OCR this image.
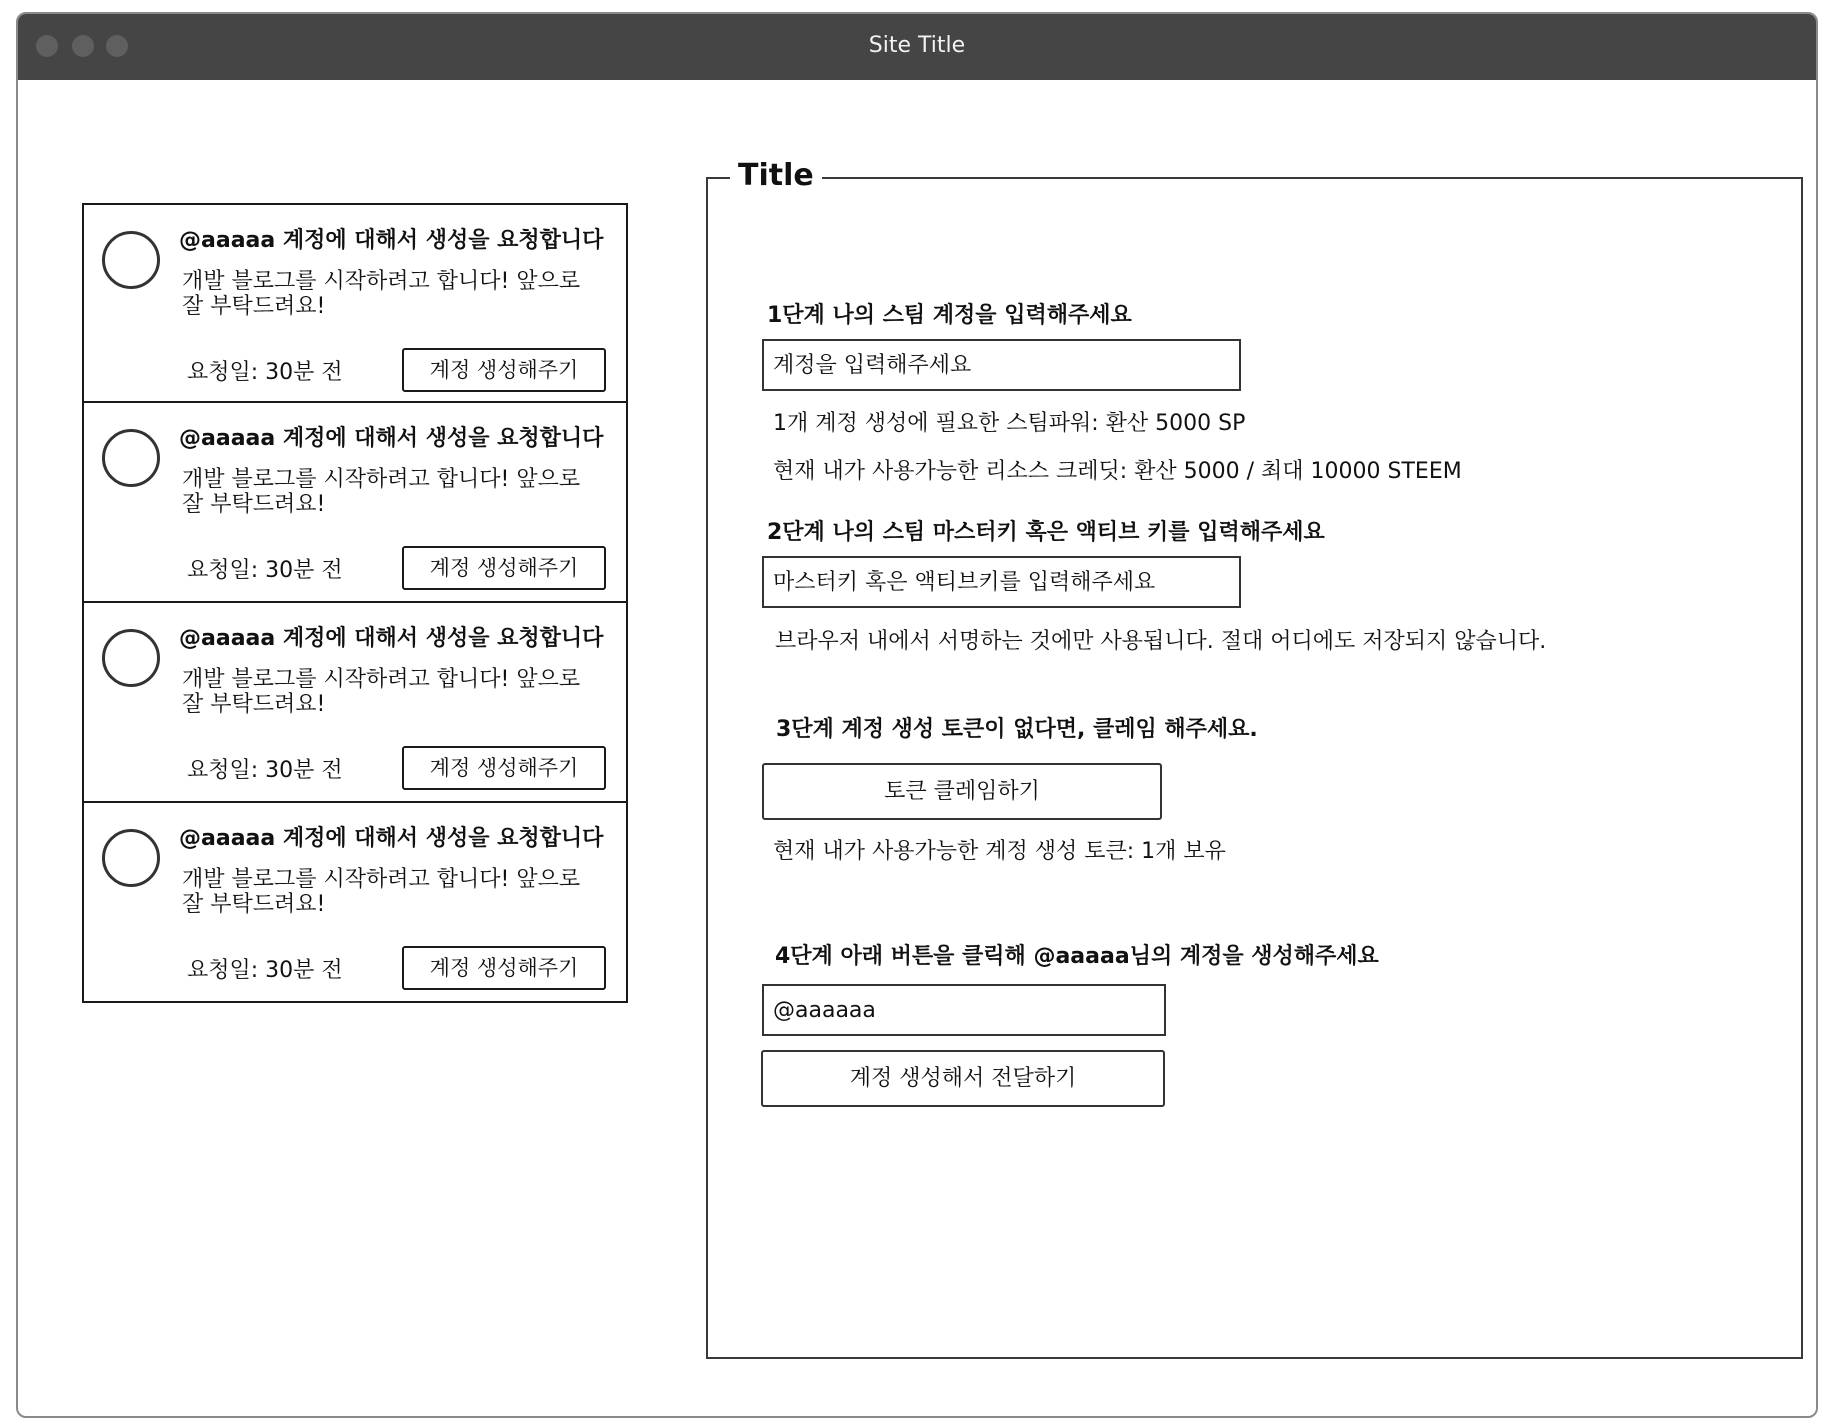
Site Title
@aaaaa 계정에 대해서 생성을 요청합니다
개발 블로그를 시작하려고 합니다! 앞으로 잘 부탁드려요!
요청일: 30분 전	계정 생성해주기
@aaaaa 계정에 대해서 생성을 요청합니다
개발 블로그를 시작하려고 합니다! 앞으로 잘 부탁드려요!
요청일: 30분 전	계정 생성해주기
@aaaaa 계정에 대해서 생성을 요청합니다
개발 블로그를 시작하려고 합니다! 앞으로 잘 부탁드려요!
요청일: 30분 전	계정 생성해주기
@aaaaa 계정에 대해서 생성을 요청합니다
개발 블로그를 시작하려고 합니다! 앞으로 잘 부탁드려요!
요청일: 30분 전	계정 생성해주기
Title
1단계 나의 스팀 계정을 입력해주세요
계정을 입력해주세요
1개 계정 생성에 필요한 스팀파워: 환산 5000 SP
현재 내가 사용가능한 리소스 크레딧: 환산 5000 / 최대 10000 STEEM
2단계 나의 스팀 마스터키 혹은 액티브 키를 입력해주세요
브라우저 내에서 서명하는 것에만 사용됩니다. 절대 어디에도 저장되지 않습니다.
3단계 계정 생성 토큰이 없다면, 클레임 해주세요.
토큰 클레임하기
현재 내가 사용가능한 계정 생성 토큰: 1개 보유
4단계 아래 버튼을 클릭해 @aaaaa님의 계정을 생성해주세요
@aaaaaa
계정 생성해서 전달하기
